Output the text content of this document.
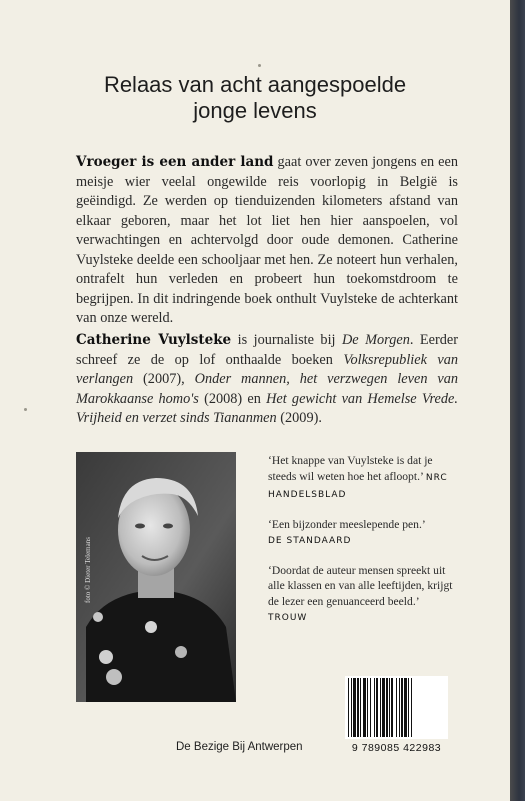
Relaas van acht aangespoelde
jonge levens
Vroeger is een ander land gaat over zeven jongens en een meisje wier veelal ongewilde reis voorlopig in België is geëindigd. Ze werden op tienduizenden kilometers afstand van elkaar geboren, maar het lot liet hen hier aanspoelen, vol verwachtingen en achtervolgd door oude demonen. Catherine Vuylsteke deelde een schooljaar met hen. Ze noteert hun verhalen, ontrafelt hun verleden en probeert hun toekomstdroom te begrijpen. In dit indringende boek onthult Vuylsteke de achterkant van onze wereld.
Catherine Vuylsteke is journaliste bij De Morgen. Eerder schreef ze de op lof onthaalde boeken Volksrepubliek van verlangen (2007), Onder mannen, het verzwegen leven van Marokkaanse homo's (2008) en Het gewicht van Hemelse Vrede. Vrijheid en verzet sinds Tiananmen (2009).
foto © Dieter Telemans
‘Het knappe van Vuylsteke is dat je steeds wil weten hoe het afloopt.’ NRC HANDELSBLAD
‘Een bijzonder meeslepende pen.’
DE STANDAARD
‘Doordat de auteur mensen spreekt uit alle klassen en van alle leeftijden, krijgt de lezer een genuanceerd beeld.’ TROUW
9 789085 422983
De Bezige Bij Antwerpen
